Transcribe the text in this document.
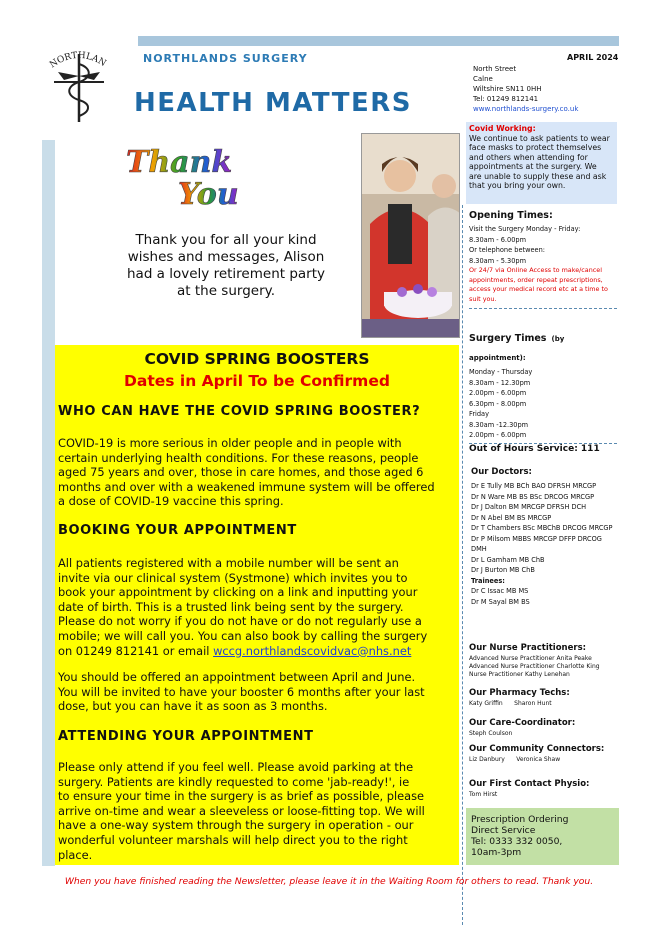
NORTHLAN	NORTHLANDS SURGERY	APRIL 2024
HEALTH MATTERS
North Street
Calne
Wiltshire SN11 0HH
Tel: 01249 812141
www.northlands-surgery.co.uk
Thank
You
Thank you for all your kind
wishes and messages, Alison
had a lovely retirement party
at the surgery.
COVID SPRING BOOSTERS
Dates in April To be Confirmed
WHO CAN HAVE THE COVID SPRING BOOSTER?
COVID-19 is more serious in older people and in people with
certain underlying health conditions. For these reasons, people
aged 75 years and over, those in care homes, and those aged 6
months and over with a weakened immune system will be offered
a dose of COVID-19 vaccine this spring.
BOOKING YOUR APPOINTMENT
All patients registered with a mobile number will be sent an
invite via our clinical system (Systmone) which invites you to
book your appointment by clicking on a link and inputting your
date of birth. This is a trusted link being sent by the surgery.
Please do not worry if you do not have or do not regularly use a
mobile; we will call you. You can also book by calling the surgery
on 01249 812141 or email wccg.northlandscovidvac@nhs.net
You should be offered an appointment between April and June.
You will be invited to have your booster 6 months after your last
dose, but you can have it as soon as 3 months.
ATTENDING YOUR APPOINTMENT
Please only attend if you feel well. Please avoid parking at the
surgery. Patients are kindly requested to come 'jab-ready!', ie
to ensure your time in the surgery is as brief as possible, please
arrive on-time and wear a sleeveless or loose-fitting top. We will
have a one-way system through the surgery in operation - our
wonderful volunteer marshals will help direct you to the right
place.
Covid Working:
We continue to ask patients to wear
face masks to protect themselves
and others when attending for
appointments at the surgery. We
are unable to supply these and ask
that you bring your own.
Opening Times:
Visit the Surgery Monday - Friday:
8.30am - 6.00pm
Or telephone between:
8.30am - 5.30pm
Or 24/7 via Online Access to make/cancel
appointments, order repeat prescriptions,
access your medical record etc at a time to
suit you.
Surgery Times (by appointment):
Monday - Thursday
8.30am - 12.30pm
2.00pm - 6.00pm
6.30pm - 8.00pm
Friday
8.30am -12.30pm
2.00pm - 6.00pm
Out of Hours Service: 111
Our Doctors:
Dr E Tully MB BCh BAO DFRSH MRCGP
Dr N Ware MB BS BSc DRCOG MRCGP
Dr J Dalton BM MRCGP DFRSH DCH
Dr N Abel BM BS MRCGP
Dr T Chambers BSc MBChB DRCOG MRCGP
Dr P Milsom MBBS MRCGP DFFP DRCOG
DMH
Dr L Gamham MB ChB
Dr J Burton MB ChB
Trainees:
Dr C Issac MB MS
Dr M Sayal BM BS
Our Nurse Practitioners:
Advanced Nurse Practitioner Anita Peake
Advanced Nurse Practitioner Charlotte King
Nurse Practitioner Kathy Lenehan
Our Pharmacy Techs:
Katy Griffin      Sharon Hunt
Our Care-Coordinator:
Steph Coulson
Our Community Connectors:
Liz Danbury      Veronica Shaw
Our First Contact Physio:
Tom Hirst
Prescription Ordering
Direct Service
Tel: 0333 332 0050,
10am-3pm
When you have finished reading the Newsletter, please leave it in the Waiting Room for others to read. Thank you.
